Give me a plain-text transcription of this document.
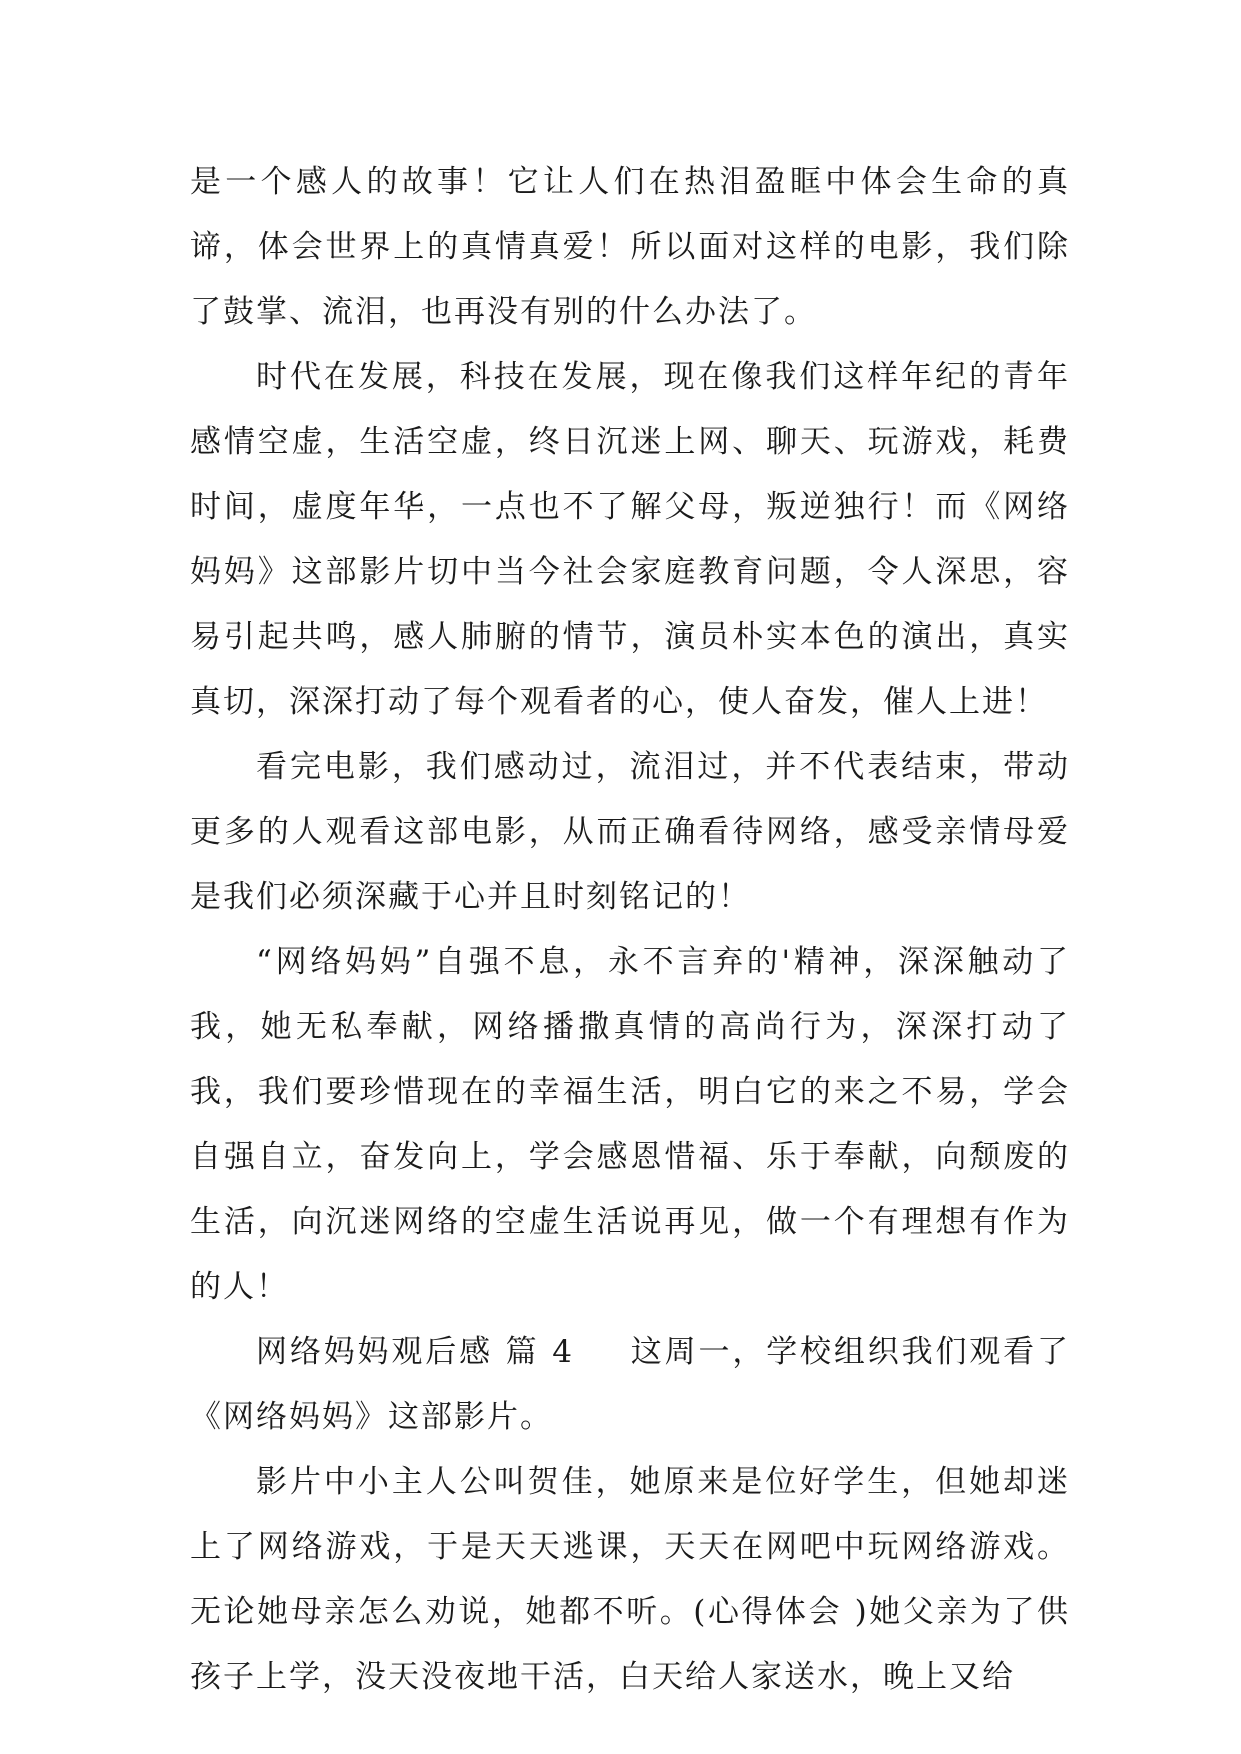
是一个感人的故事！它让人们在热泪盈眶中体会生命的真谛，体会世界上的真情真爱！所以面对这样的电影，我们除了鼓掌、流泪，也再没有别的什么办法了。

时代在发展，科技在发展，现在像我们这样年纪的青年感情空虚，生活空虚，终日沉迷上网、聊天、玩游戏，耗费时间，虚度年华，一点也不了解父母，叛逆独行！而《网络妈妈》这部影片切中当今社会家庭教育问题，令人深思，容易引起共鸣，感人肺腑的情节，演员朴实本色的演出，真实真切，深深打动了每个观看者的心，使人奋发，催人上进！

看完电影，我们感动过，流泪过，并不代表结束，带动更多的人观看这部电影，从而正确看待网络，感受亲情母爱是我们必须深藏于心并且时刻铭记的！

“网络妈妈”自强不息，永不言弃的'精神，深深触动了我，她无私奉献，网络播撒真情的高尚行为，深深打动了我，我们要珍惜现在的幸福生活，明白它的来之不易，学会自强自立，奋发向上，学会感恩惜福、乐于奉献，向颓废的生活，向沉迷网络的空虚生活说再见，做一个有理想有作为的人！

网络妈妈观后感 篇 4 这周一，学校组织我们观看了《网络妈妈》这部影片。

影片中小主人公叫贺佳，她原来是位好学生，但她却迷上了网络游戏，于是天天逃课，天天在网吧中玩网络游戏。无论她母亲怎么劝说，她都不听。(心得体会 )她父亲为了供孩子上学，没天没夜地干活，白天给人家送水，晚上又给
